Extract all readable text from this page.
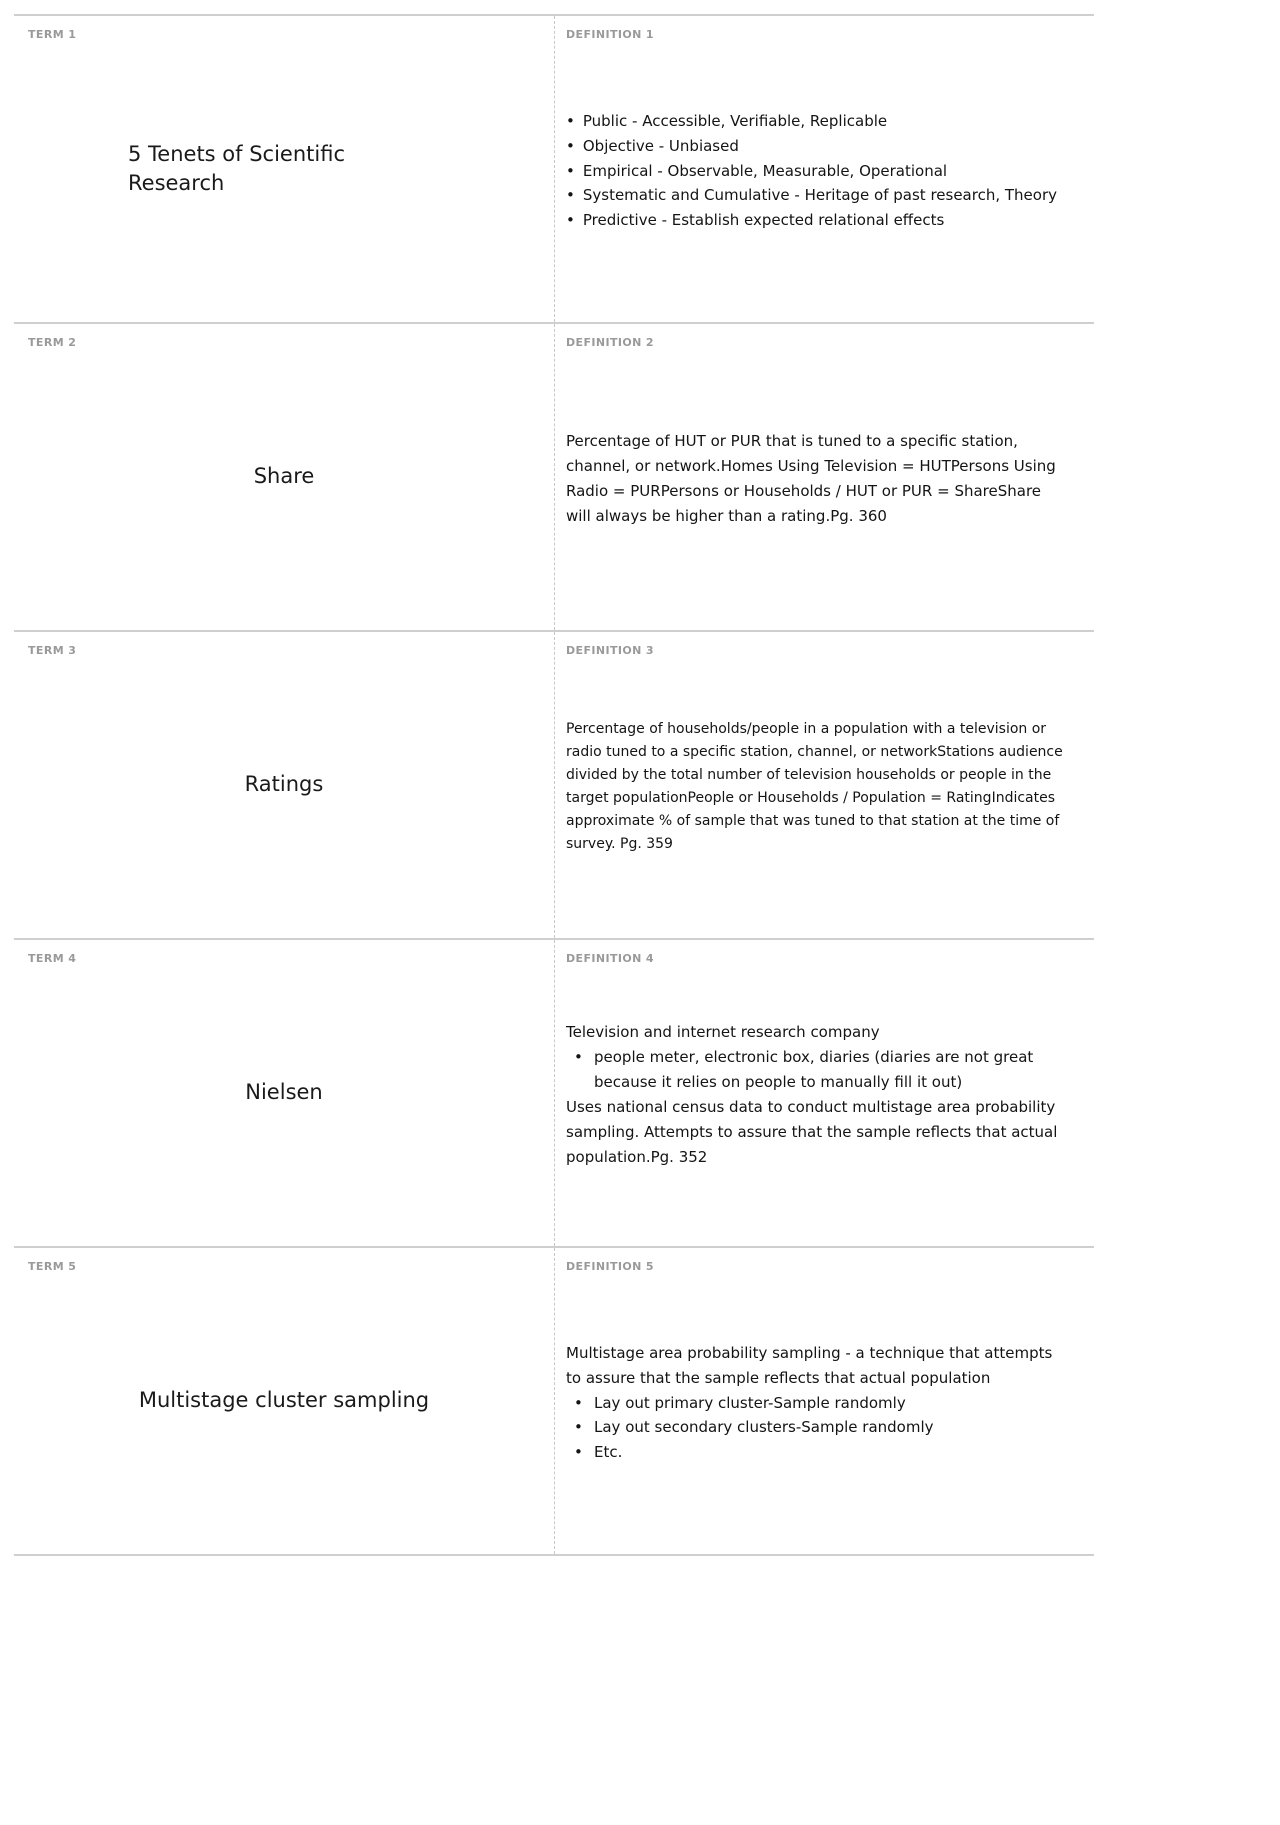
TERM 1
5 Tenets of Scientific Research
DEFINITION 1
• Public - Accessible, Verifiable, Replicable
• Objective - Unbiased
• Empirical - Observable, Measurable, Operational
• Systematic and Cumulative - Heritage of past research, Theory
• Predictive - Establish expected relational effects
TERM 2
Share
DEFINITION 2
Percentage of HUT or PUR that is tuned to a specific station, channel, or network.Homes Using Television = HUTPersons Using Radio = PURPersons or Households / HUT or PUR = ShareShare will always be higher than a rating.Pg. 360
TERM 3
Ratings
DEFINITION 3
Percentage of households/people in a population with a television or radio tuned to a specific station, channel, or networkStations audience divided by the total number of television households or people in the target populationPeople or Households / Population = RatingIndicates approximate % of sample that was tuned to that station at the time of survey. Pg. 359
TERM 4
Nielsen
DEFINITION 4
Television and internet research company
• people meter, electronic box, diaries (diaries are not great because it relies on people to manually fill it out)
Uses national census data to conduct multistage area probability sampling. Attempts to assure that the sample reflects that actual population.Pg. 352
TERM 5
Multistage cluster sampling
DEFINITION 5
Multistage area probability sampling - a technique that attempts to assure that the sample reflects that actual population
• Lay out primary cluster-Sample randomly
• Lay out secondary clusters-Sample randomly
• Etc.
